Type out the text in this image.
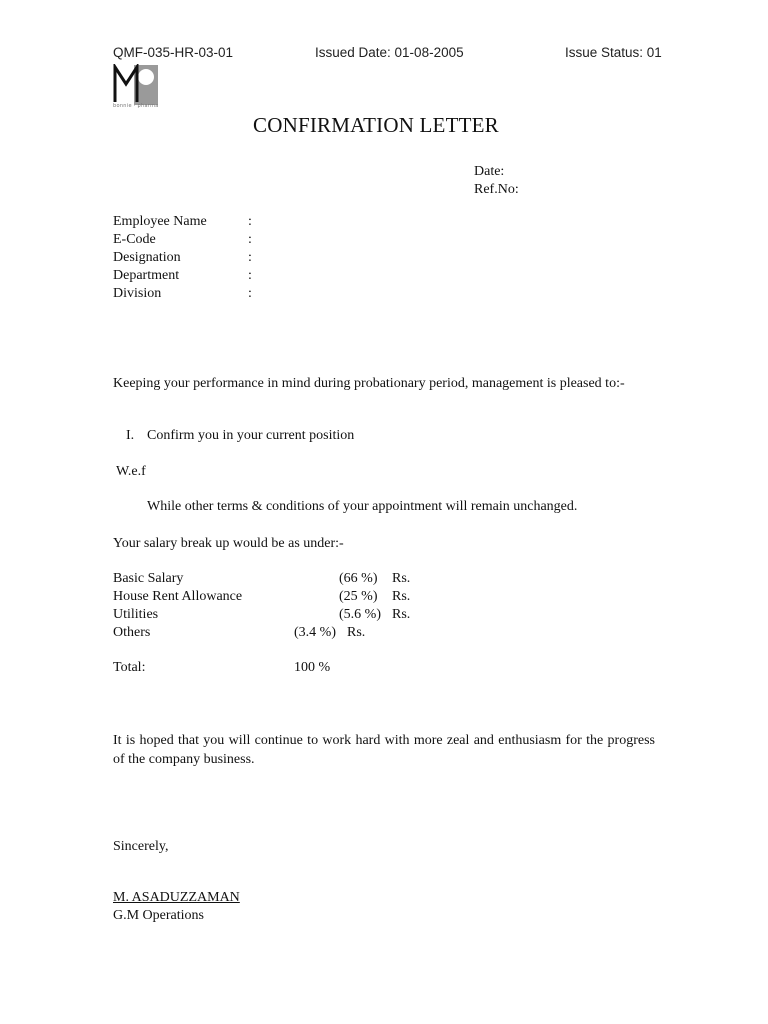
QMF-035-HR-03-01	Issued Date: 01-08-2005	Issue Status: 01
bonnie · pharma
CONFIRMATION LETTER
Date:
Ref.No:
Employee Name	:
E-Code	:
Designation	:
Department	:
Division	:
Keeping your performance in mind during probationary period, management is pleased to:-
I. Confirm you in your current position
W.e.f
While other terms & conditions of your appointment will remain unchanged.
Your salary break up would be as under:-
Basic Salary	(66 %) Rs.
House Rent Allowance	(25 %) Rs.
Utilities	(5.6 %) Rs.
Others	(3.4 %) Rs.
Total:	100 %
It is hoped that you will continue to work hard with more zeal and enthusiasm for the progress of the company business.
Sincerely,
M. ASADUZZAMAN
G.M Operations
